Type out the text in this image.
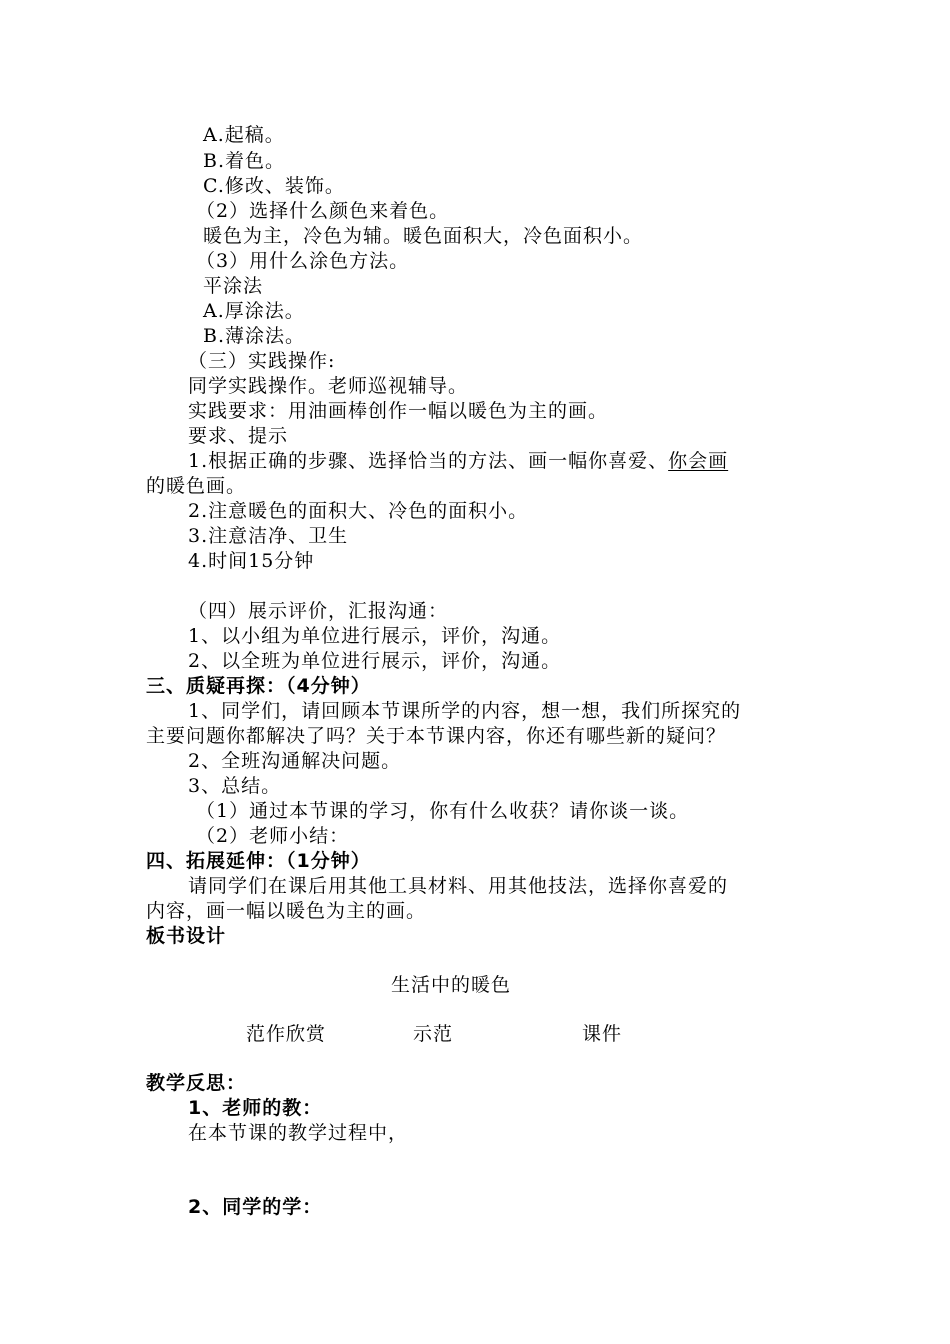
A.起稿。
B.着色。
C.修改、装饰。
（2）选择什么颜色来着色。
暖色为主，冷色为辅。暖色面积大，冷色面积小。
（3）用什么涂色方法。
平涂法
A.厚涂法。
B.薄涂法。
（三）实践操作:
同学实践操作。老师巡视辅导。
实践要求：用油画棒创作一幅以暖色为主的画。
要求、提示
1.根据正确的步骤、选择恰当的方法、画一幅你喜爱、你会画
的暖色画。
2.注意暖色的面积大、冷色的面积小。
3.注意洁净、卫生
4.时间15分钟
（四）展示评价，汇报沟通：
1、以小组为单位进行展示，评价，沟通。
2、以全班为单位进行展示，评价，沟通。
三、质疑再探：（4分钟）
1、同学们，请回顾本节课所学的内容，想一想，我们所探究的
主要问题你都解决了吗？关于本节课内容，你还有哪些新的疑问？
2、全班沟通解决问题。
3、总结。
（1）通过本节课的学习，你有什么收获？请你谈一谈。
（2）老师小结：
四、拓展延伸：（1分钟）
请同学们在课后用其他工具材料、用其他技法，选择你喜爱的
内容，画一幅以暖色为主的画。
板书设计
生活中的暖色
范作欣赏	示范	课件
教学反思：
1、老师的教：
在本节课的教学过程中，
2、同学的学：
